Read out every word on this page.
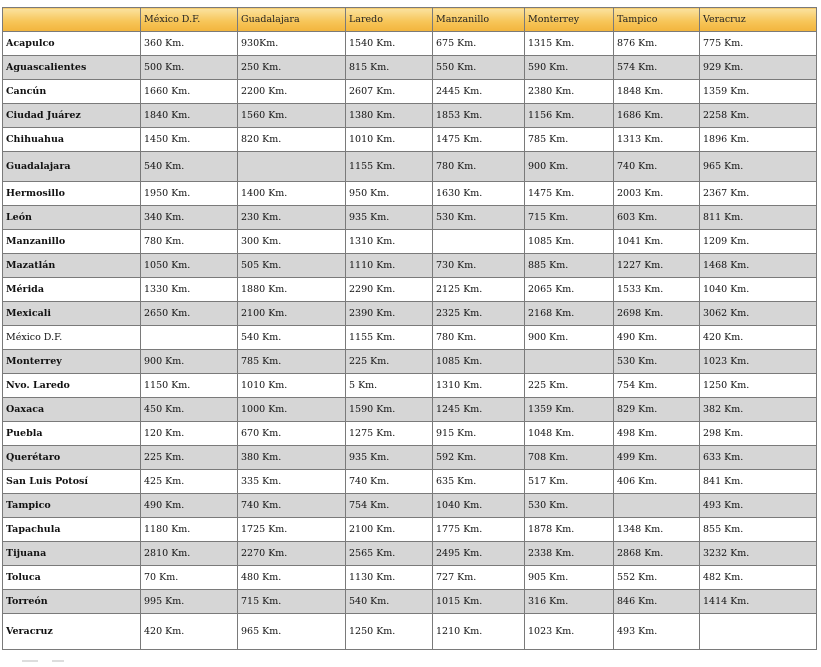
	México D.F.	Guadalajara	Laredo	Manzanillo	Monterrey	Tampico	Veracruz
Acapulco	360 Km.	930Km.	1540 Km.	675 Km.	1315 Km.	876 Km.	775 Km.
Aguascalientes	500 Km.	250 Km.	815 Km.	550 Km.	590 Km.	574 Km.	929 Km.
Cancún	1660 Km.	2200 Km.	2607 Km.	2445 Km.	2380 Km.	1848 Km.	1359 Km.
Ciudad Juárez	1840 Km.	1560 Km.	1380 Km.	1853 Km.	1156 Km.	1686 Km.	2258 Km.
Chihuahua	1450 Km.	820 Km.	1010 Km.	1475 Km.	785 Km.	1313 Km.	1896 Km.
Guadalajara	540 Km.		1155 Km.	780 Km.	900 Km.	740 Km.	965 Km.
Hermosillo	1950 Km.	1400 Km.	950 Km.	1630 Km.	1475 Km.	2003 Km.	2367 Km.
León	340 Km.	230 Km.	935 Km.	530 Km.	715 Km.	603 Km.	811 Km.
Manzanillo	780 Km.	300 Km.	1310 Km.		1085 Km.	1041 Km.	1209 Km.
Mazatlán	1050 Km.	505 Km.	1110 Km.	730 Km.	885 Km.	1227 Km.	1468 Km.
Mérida	1330 Km.	1880 Km.	2290 Km.	2125 Km.	2065 Km.	1533 Km.	1040 Km.
Mexicali	2650 Km.	2100 Km.	2390 Km.	2325 Km.	2168 Km.	2698 Km.	3062 Km.
México D.F.		540 Km.	1155 Km.	780 Km.	900 Km.	490 Km.	420 Km.
Monterrey	900 Km.	785 Km.	225 Km.	1085 Km.		530 Km.	1023 Km.
Nvo. Laredo	1150 Km.	1010 Km.	5 Km.	1310 Km.	225 Km.	754 Km.	1250 Km.
Oaxaca	450 Km.	1000 Km.	1590 Km.	1245 Km.	1359 Km.	829 Km.	382 Km.
Puebla	120 Km.	670 Km.	1275 Km.	915 Km.	1048 Km.	498 Km.	298 Km.
Querétaro	225 Km.	380 Km.	935 Km.	592 Km.	708 Km.	499 Km.	633 Km.
San Luis Potosí	425 Km.	335 Km.	740 Km.	635 Km.	517 Km.	406 Km.	841 Km.
Tampico	490 Km.	740 Km.	754 Km.	1040 Km.	530 Km.		493 Km.
Tapachula	1180 Km.	1725 Km.	2100 Km.	1775 Km.	1878 Km.	1348 Km.	855 Km.
Tijuana	2810 Km.	2270 Km.	2565 Km.	2495 Km.	2338 Km.	2868 Km.	3232 Km.
Toluca	70 Km.	480 Km.	1130 Km.	727 Km.	905 Km.	552 Km.	482 Km.
Torreón	995 Km.	715 Km.	540 Km.	1015 Km.	316 Km.	846 Km.	1414 Km.
Veracruz	420 Km.	965 Km.	1250 Km.	1210 Km.	1023 Km.	493 Km.	
